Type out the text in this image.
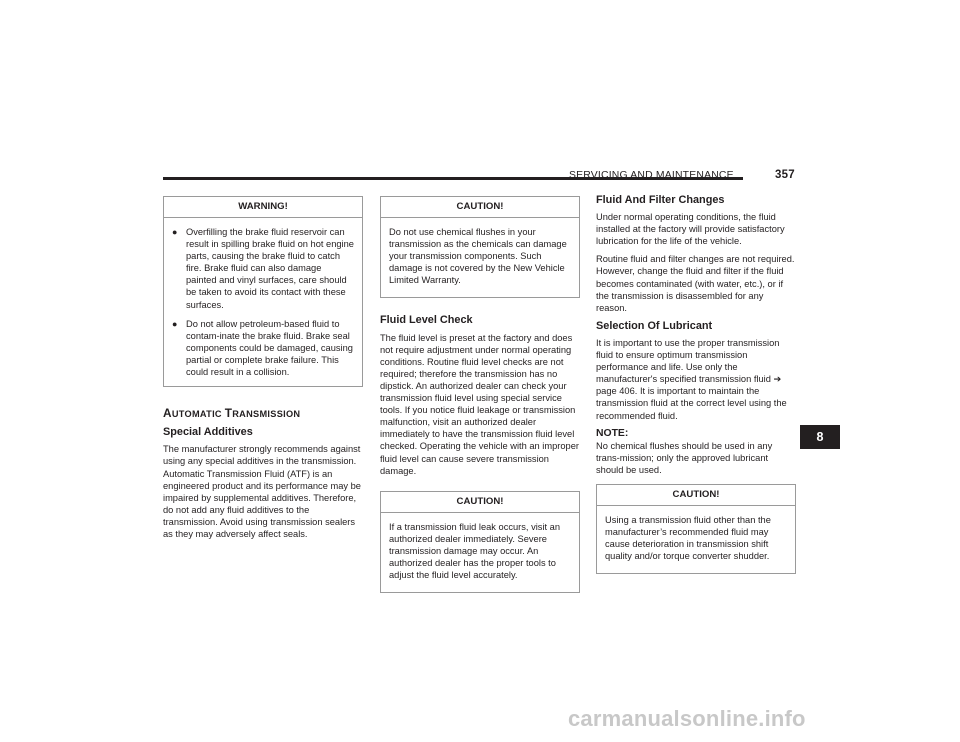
SERVICING AND MAINTENANCE	357
WARNING!
● Overfilling the brake fluid reservoir can result in spilling brake fluid on hot engine parts, causing the brake fluid to catch fire. Brake fluid can also damage painted and vinyl surfaces, care should be taken to avoid its contact with these surfaces.
● Do not allow petroleum-based fluid to contam-inate the brake fluid. Brake seal components could be damaged, causing partial or complete brake failure. This could result in a collision.
AUTOMATIC TRANSMISSION
Special Additives

The manufacturer strongly recommends against using any special additives in the transmission. Automatic Transmission Fluid (ATF) is an engineered product and its performance may be impaired by supplemental additives. Therefore, do not add any fluid additives to the transmission. Avoid using transmission sealers as they may adversely affect seals.

CAUTION!

Do not use chemical flushes in your transmission as the chemicals can damage your transmission components. Such damage is not covered by the New Vehicle Limited Warranty.

Fluid Level Check

The fluid level is preset at the factory and does not require adjustment under normal operating conditions. Routine fluid level checks are not required; therefore the transmission has no dipstick. An authorized dealer can check your transmission fluid level using special service tools. If you notice fluid leakage or transmission malfunction, visit an authorized dealer immediately to have the transmission fluid level checked. Operating the vehicle with an improper fluid level can cause severe transmission damage.

CAUTION!

If a transmission fluid leak occurs, visit an authorized dealer immediately. Severe transmission damage may occur. An authorized dealer has the proper tools to adjust the fluid level accurately.

Fluid And Filter Changes

Under normal operating conditions, the fluid installed at the factory will provide satisfactory lubrication for the life of the vehicle.

Routine fluid and filter changes are not required. However, change the fluid and filter if the fluid becomes contaminated (with water, etc.), or if the transmission is disassembled for any reason.

Selection Of Lubricant

It is important to use the proper transmission fluid to ensure optimum transmission performance and life. Use only the manufacturer's specified transmission fluid ➔ page 406. It is important to maintain the transmission fluid at the correct level using the recommended fluid.

NOTE:

No chemical flushes should be used in any trans-mission; only the approved lubricant should be used.

CAUTION!

Using a transmission fluid other than the manufacturer’s recommended fluid may cause deterioration in transmission shift quality and/or torque converter shudder.

8
carmanualsonline.info
